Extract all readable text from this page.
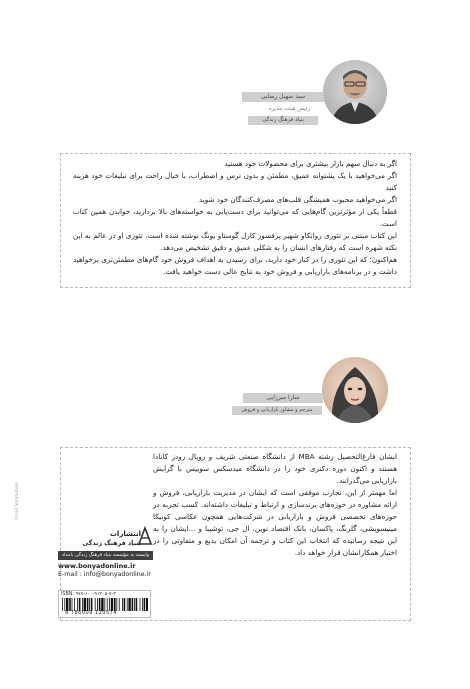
سید سهیل رضایی
رئیس هیئت مدیره
بنیاد فرهنگ زندگی

اگر به دنبال سهم بازار بیشتری برای محصولات خود هستید

اگر می‌خواهید با یک پشتوانه عمیق، مطمئن و بدون ترس و اضطراب، با خیال راحت برای تبلیغات خود هزینه کنید

اگر می‌خواهید محبوب همیشگی قلب‌های مصرف‌کنندگان خود شوید

قطعاً یکی از مؤثرترین گام‌هایی که می‌توانید برای دست‌یابی به خواسته‌های بالا بردارید، خواندن همین کتاب است.

این کتاب مبتنی بر تئوری روانکاو شهیر پرفسور کارل گوستاو یونگ نوشته شده است. تئوری او در عالم به این نکته شهره است که رفتارهای انسان را به شکلی عمیق و دقیق تشخیص می‌دهد.

هم‌اکنون؛ که این تئوری را در کنار خود دارید، برای رسیدن به اهداف فروش خود گام‌های مطمئن‌تری برخواهید داشت و در برنامه‌های بازاریابی و فروش خود به نتایج عالی دست خواهید یافت.

سارا میرزایی
مترجم و مشاور بازاریابی و فروش

ایشان فارغ‌التحصیل رشته MBA از دانشگاه صنعتی شریف و رویال رودز کانادا هستند و اکنون دوره دکتری خود را در دانشگاه میدسکس سوییس با گرایش بازاریابی می‌گذرانند.

اما مهمتر از این، تجارب موفقی است که ایشان در مدیریت بازاریابی، فروش و ارائه مشاوره در حوزه‌های برندسازی و ارتباط و تبلیغات داشته‌اند. کسب تجربه در حوزه‌های تخصصی فروش و بازاریابی در شرکت‌هایی همچون عکاسی کونیکا مینیسویشی، گلرنگ، پاکسان، بانک اقتصاد نوین، ال جی، توشیبا و ...ایشان را به این نتیجه رسانیده که انتخاب این کتاب و ترجمه آن امکان بدیع و متفاوتی را در اختیار همکارانشان قرار خواهد داد.

انتشارات
بنیاد فرهنگ زندگی
وابسته به مؤسسه بنیاد فرهنگ زندگی بامداد
www.bonyadonline.ir
E-mail : info@bonyadonline.ir
ISBN: ۹۷۸-۶۰۰-۹۱۲۰۵-۷-۴
9 786009 120574
Omid Sorkhabeh
